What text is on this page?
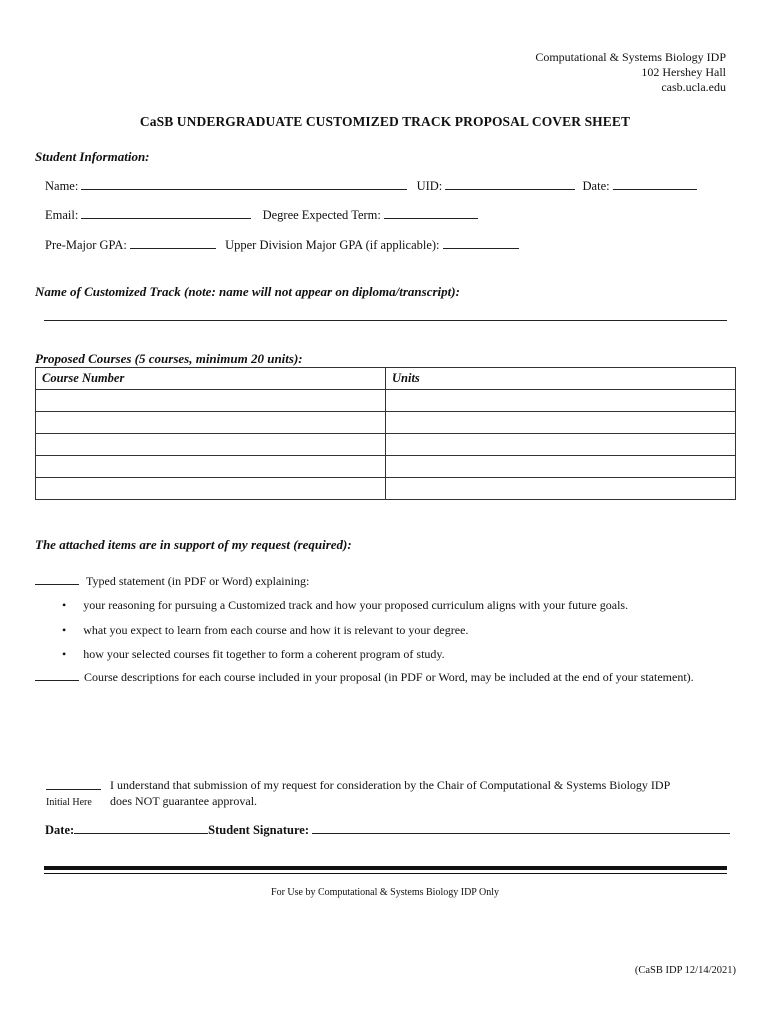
Computational & Systems Biology IDP
102 Hershey Hall
casb.ucla.edu
CaSB UNDERGRADUATE CUSTOMIZED TRACK PROPOSAL COVER SHEET
Student Information:
Name:	UID:	Date:
Email:	Degree Expected Term:
Pre-Major GPA:	Upper Division Major GPA (if applicable):
Name of Customized Track (note: name will not appear on diploma/transcript):
Proposed Courses (5 courses, minimum 20 units):
Course Number	Units

The attached items are in support of my request (required):
Typed statement (in PDF or Word) explaining:
• your reasoning for pursuing a Customized track and how your proposed curriculum aligns with your future goals.
• what you expect to learn from each course and how it is relevant to your degree.
• how your selected courses fit together to form a coherent program of study.
Course descriptions for each course included in your proposal (in PDF or Word, may be included at the end of your statement).
Initial Here
I understand that submission of my request for consideration by the Chair of Computational & Systems Biology IDP
does NOT guarantee approval.
Date:	Student Signature:
For Use by Computational & Systems Biology IDP Only
(CaSB IDP 12/14/2021)
